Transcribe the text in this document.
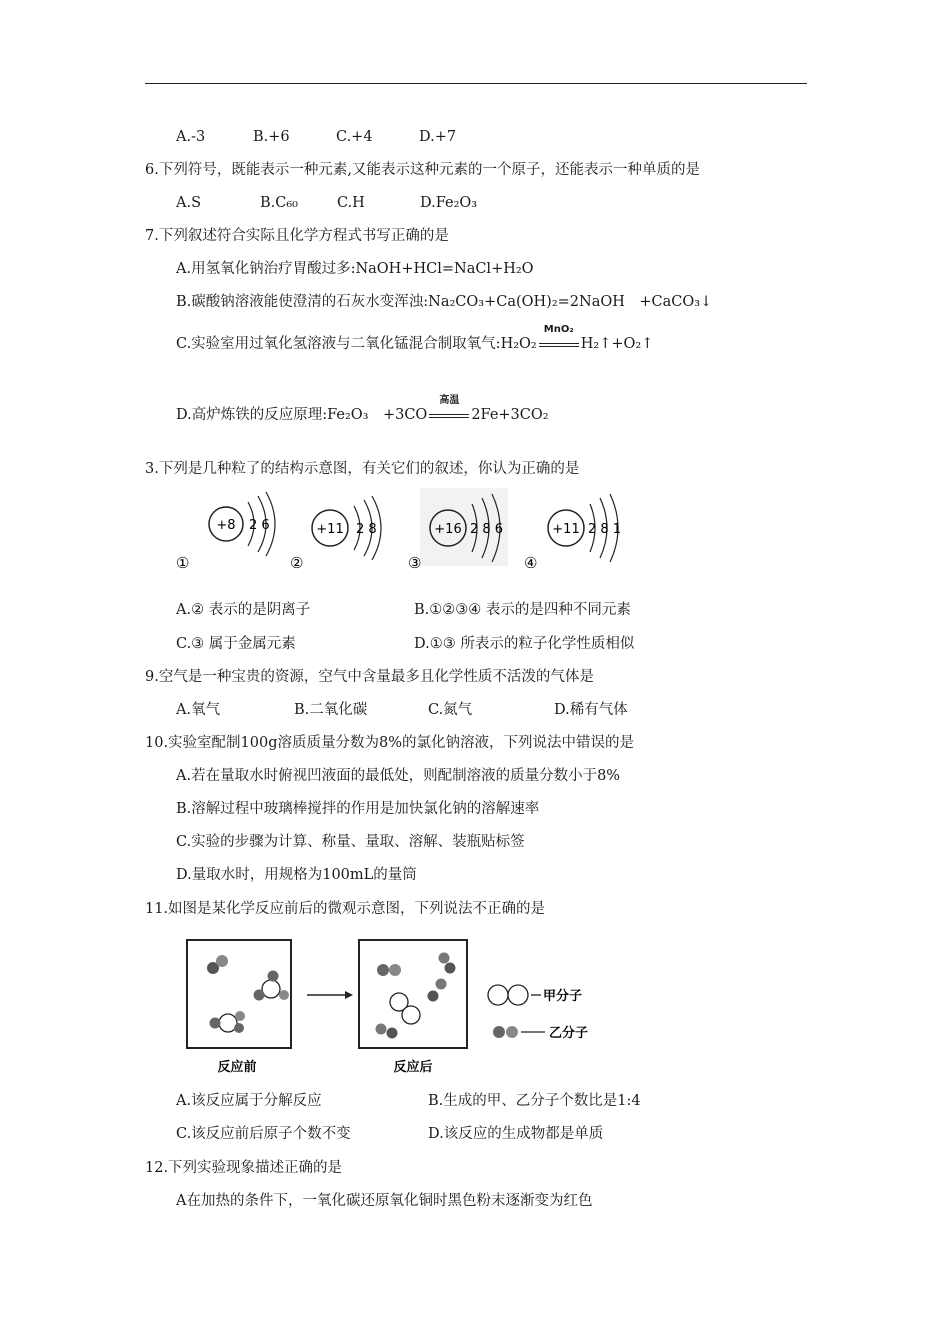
A.-3	B.+6	C.+4	D.+7
6.下列符号，既能表示一种元素,又能表示这种元素的一个原子，还能表示一种单质的是
A.S	B.C₆₀	C.H	D.Fe₂O₃
7.下列叙述符合实际且化学方程式书写正确的是
A.用氢氧化钠治疗胃酸过多:NaOH+HCl=NaCl+H₂O
B.碳酸钠溶液能使澄清的石灰水变浑浊:Na₂CO₃+Ca(OH)₂=2NaOH　+CaCO₃↓
C.实验室用过氧化氢溶液与二氧化锰混合制取氧气:H₂O₂
MnO₂
H₂↑+O₂↑
D.高炉炼铁的反应原理:Fe₂O₃　+3CO
高温
2Fe+3CO₂
3.下列是几种粒了的结构示意图，有关它们的叙述，你认为正确的是
+8 2 6
①
+11 2 8
②
+16 2 8 6
③
+11 2 8 1
④
A.② 表示的是阴离子	B.①②③④ 表示的是四种不同元素
C.③ 属于金属元素	D.①③ 所表示的粒子化学性质相似
9.空气是一种宝贵的资源，空气中含量最多且化学性质不活泼的气体是
A.氧气	B.二氧化碳	C.氮气	D.稀有气体
10.实验室配制100g溶质质量分数为8%的氯化钠溶液，下列说法中错误的是
A.若在量取水时俯视凹液面的最低处，则配制溶液的质量分数小于8%
B.溶解过程中玻璃棒搅拌的作用是加快氯化钠的溶解速率
C.实验的步骤为计算、称量、量取、溶解、装瓶贴标签
D.量取水时，用规格为100mL的量筒
11.如图是某化学反应前后的微观示意图，下列说法不正确的是
反应前	反应后
甲分子
乙分子
A.该反应属于分解反应	B.生成的甲、乙分子个数比是1:4
C.该反应前后原子个数不变	D.该反应的生成物都是单质
12.下列实验现象描述正确的是
A在加热的条件下，一氧化碳还原氧化铜时黑色粉末逐渐变为红色
